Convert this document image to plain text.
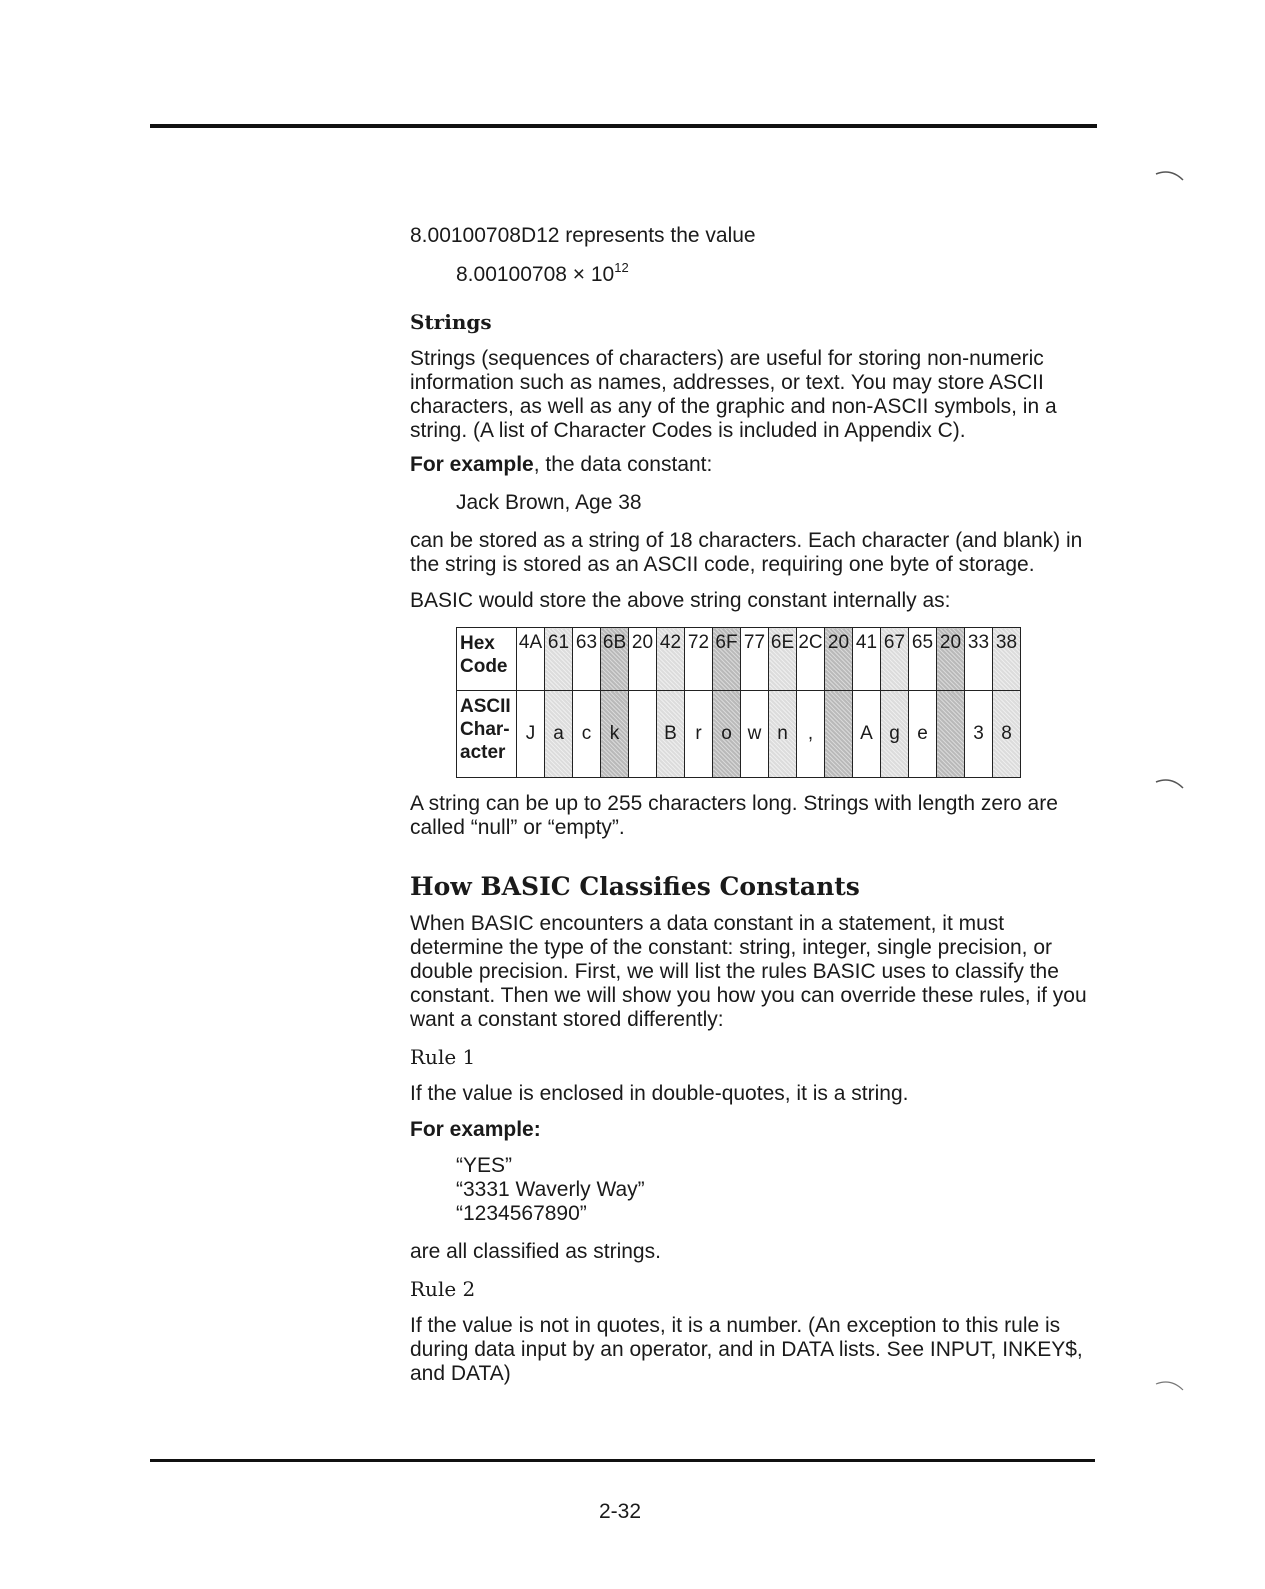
8.00100708D12 represents the value

$8.00100708 \times 10^{12}$
Strings

Strings (sequences of characters) are useful for storing non-numeric information such as names, addresses, or text. You may store ASCII characters, as well as any of the graphic and non-ASCII symbols, in a string. (A list of Character Codes is included in Appendix C).

For example, the data constant:

Jack Brown, Age 38

can be stored as a string of 18 characters. Each character (and blank) in the string is stored as an ASCII code, requiring one byte of storage.

BASIC would store the above string constant internally as:

Hex Code	4A	61	63	6B	20	42	72	6F	77	6E	2C	20	41	67	65	20	33	38
ASCII Char- acter	J	a	c	k		B	r	o	w	n	,		A	g	e		3	8

A string can be up to 255 characters long. Strings with length zero are called “null” or “empty”.

How BASIC Classifies Constants

When BASIC encounters a data constant in a statement, it must determine the type of the constant: string, integer, single precision, or double precision. First, we will list the rules BASIC uses to classify the constant. Then we will show you how you can override these rules, if you want a constant stored differently:

Rule 1

If the value is enclosed in double-quotes, it is a string.

For example:

“YES”

“3331 Waverly Way”

“1234567890”

are all classified as strings.

Rule 2

If the value is not in quotes, it is a number. (An exception to this rule is during data input by an operator, and in DATA lists. See INPUT, INKEY$, and DATA)

2-32
